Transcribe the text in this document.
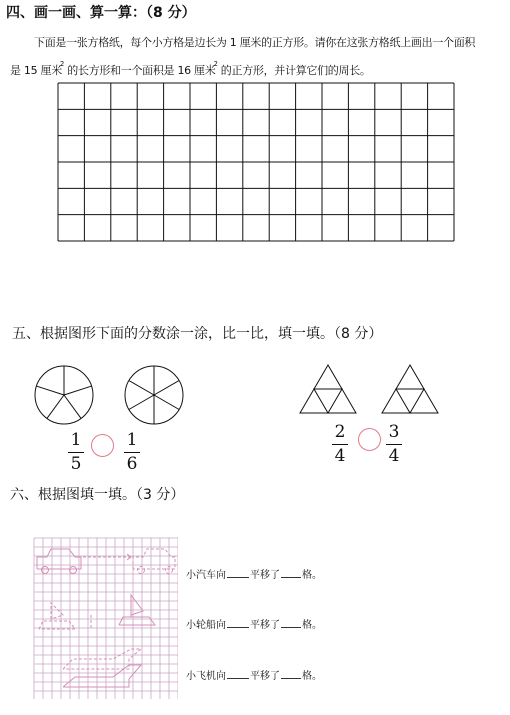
四、画一画、算一算：（8 分）
下面是一张方格纸，每个小方格是边长为 1 厘米的正方形。请你在这张方格纸上画出一个面积
是 15 厘米$^2$ 的长方形和一个面积是 16 厘米$^2$ 的正方形，并计算它们的周长。
五、根据图形下面的分数涂一涂，比一比，填一填。（8 分）
1
5
1
6
2
4
3
4
六、根据图填一填。（3 分）
小汽车向 平移了 格。
小轮船向 平移了 格。
小飞机向 平移了 格。
